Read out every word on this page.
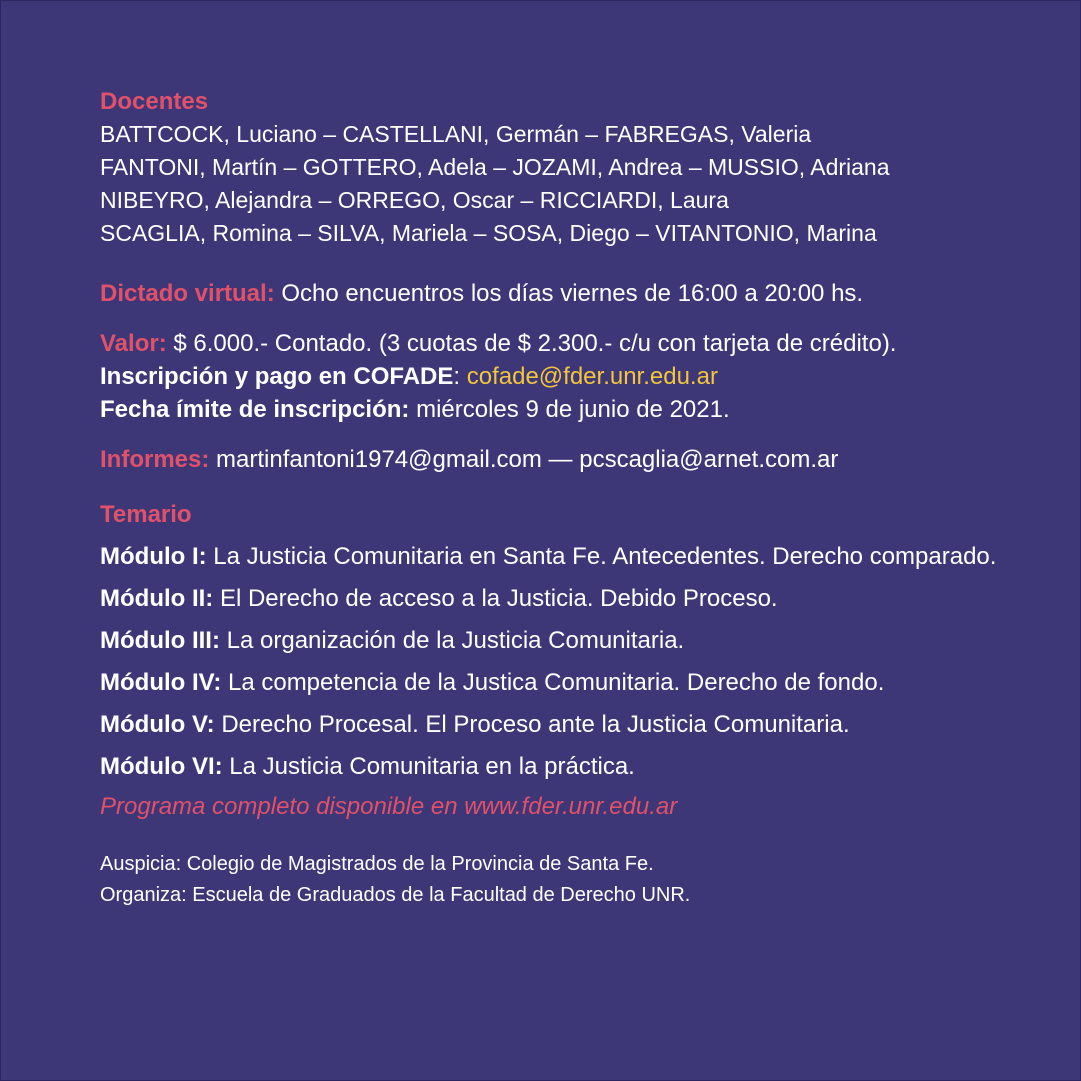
Docentes
BATTCOCK, Luciano – CASTELLANI, Germán – FABREGAS, Valeria
FANTONI, Martín – GOTTERO, Adela – JOZAMI, Andrea – MUSSIO, Adriana
NIBEYRO, Alejandra – ORREGO, Oscar – RICCIARDI, Laura
SCAGLIA, Romina – SILVA, Mariela – SOSA, Diego – VITANTONIO, Marina

Dictado virtual: Ocho encuentros los días viernes de 16:00 a 20:00 hs.

Valor: $ 6.000.- Contado. (3 cuotas de $ 2.300.- c/u con tarjeta de crédito). Inscripción y pago en COFADE: cofade@fder.unr.edu.ar
Fecha ímite de inscripción: miércoles 9 de junio de 2021.

Informes: martinfantoni1974@gmail.com — pcscaglia@arnet.com.ar

Temario

Módulo I: La Justicia Comunitaria en Santa Fe. Antecedentes. Derecho comparado.

Módulo II: El Derecho de acceso a la Justicia. Debido Proceso.

Módulo III: La organización de la Justicia Comunitaria.

Módulo IV: La competencia de la Justica Comunitaria. Derecho de fondo.

Módulo V: Derecho Procesal. El Proceso ante la Justicia Comunitaria.

Módulo VI: La Justicia Comunitaria en la práctica.

Programa completo disponible en www.fder.unr.edu.ar
Auspicia: Colegio de Magistrados de la Provincia de Santa Fe.
Organiza: Escuela de Graduados de la Facultad de Derecho UNR.
